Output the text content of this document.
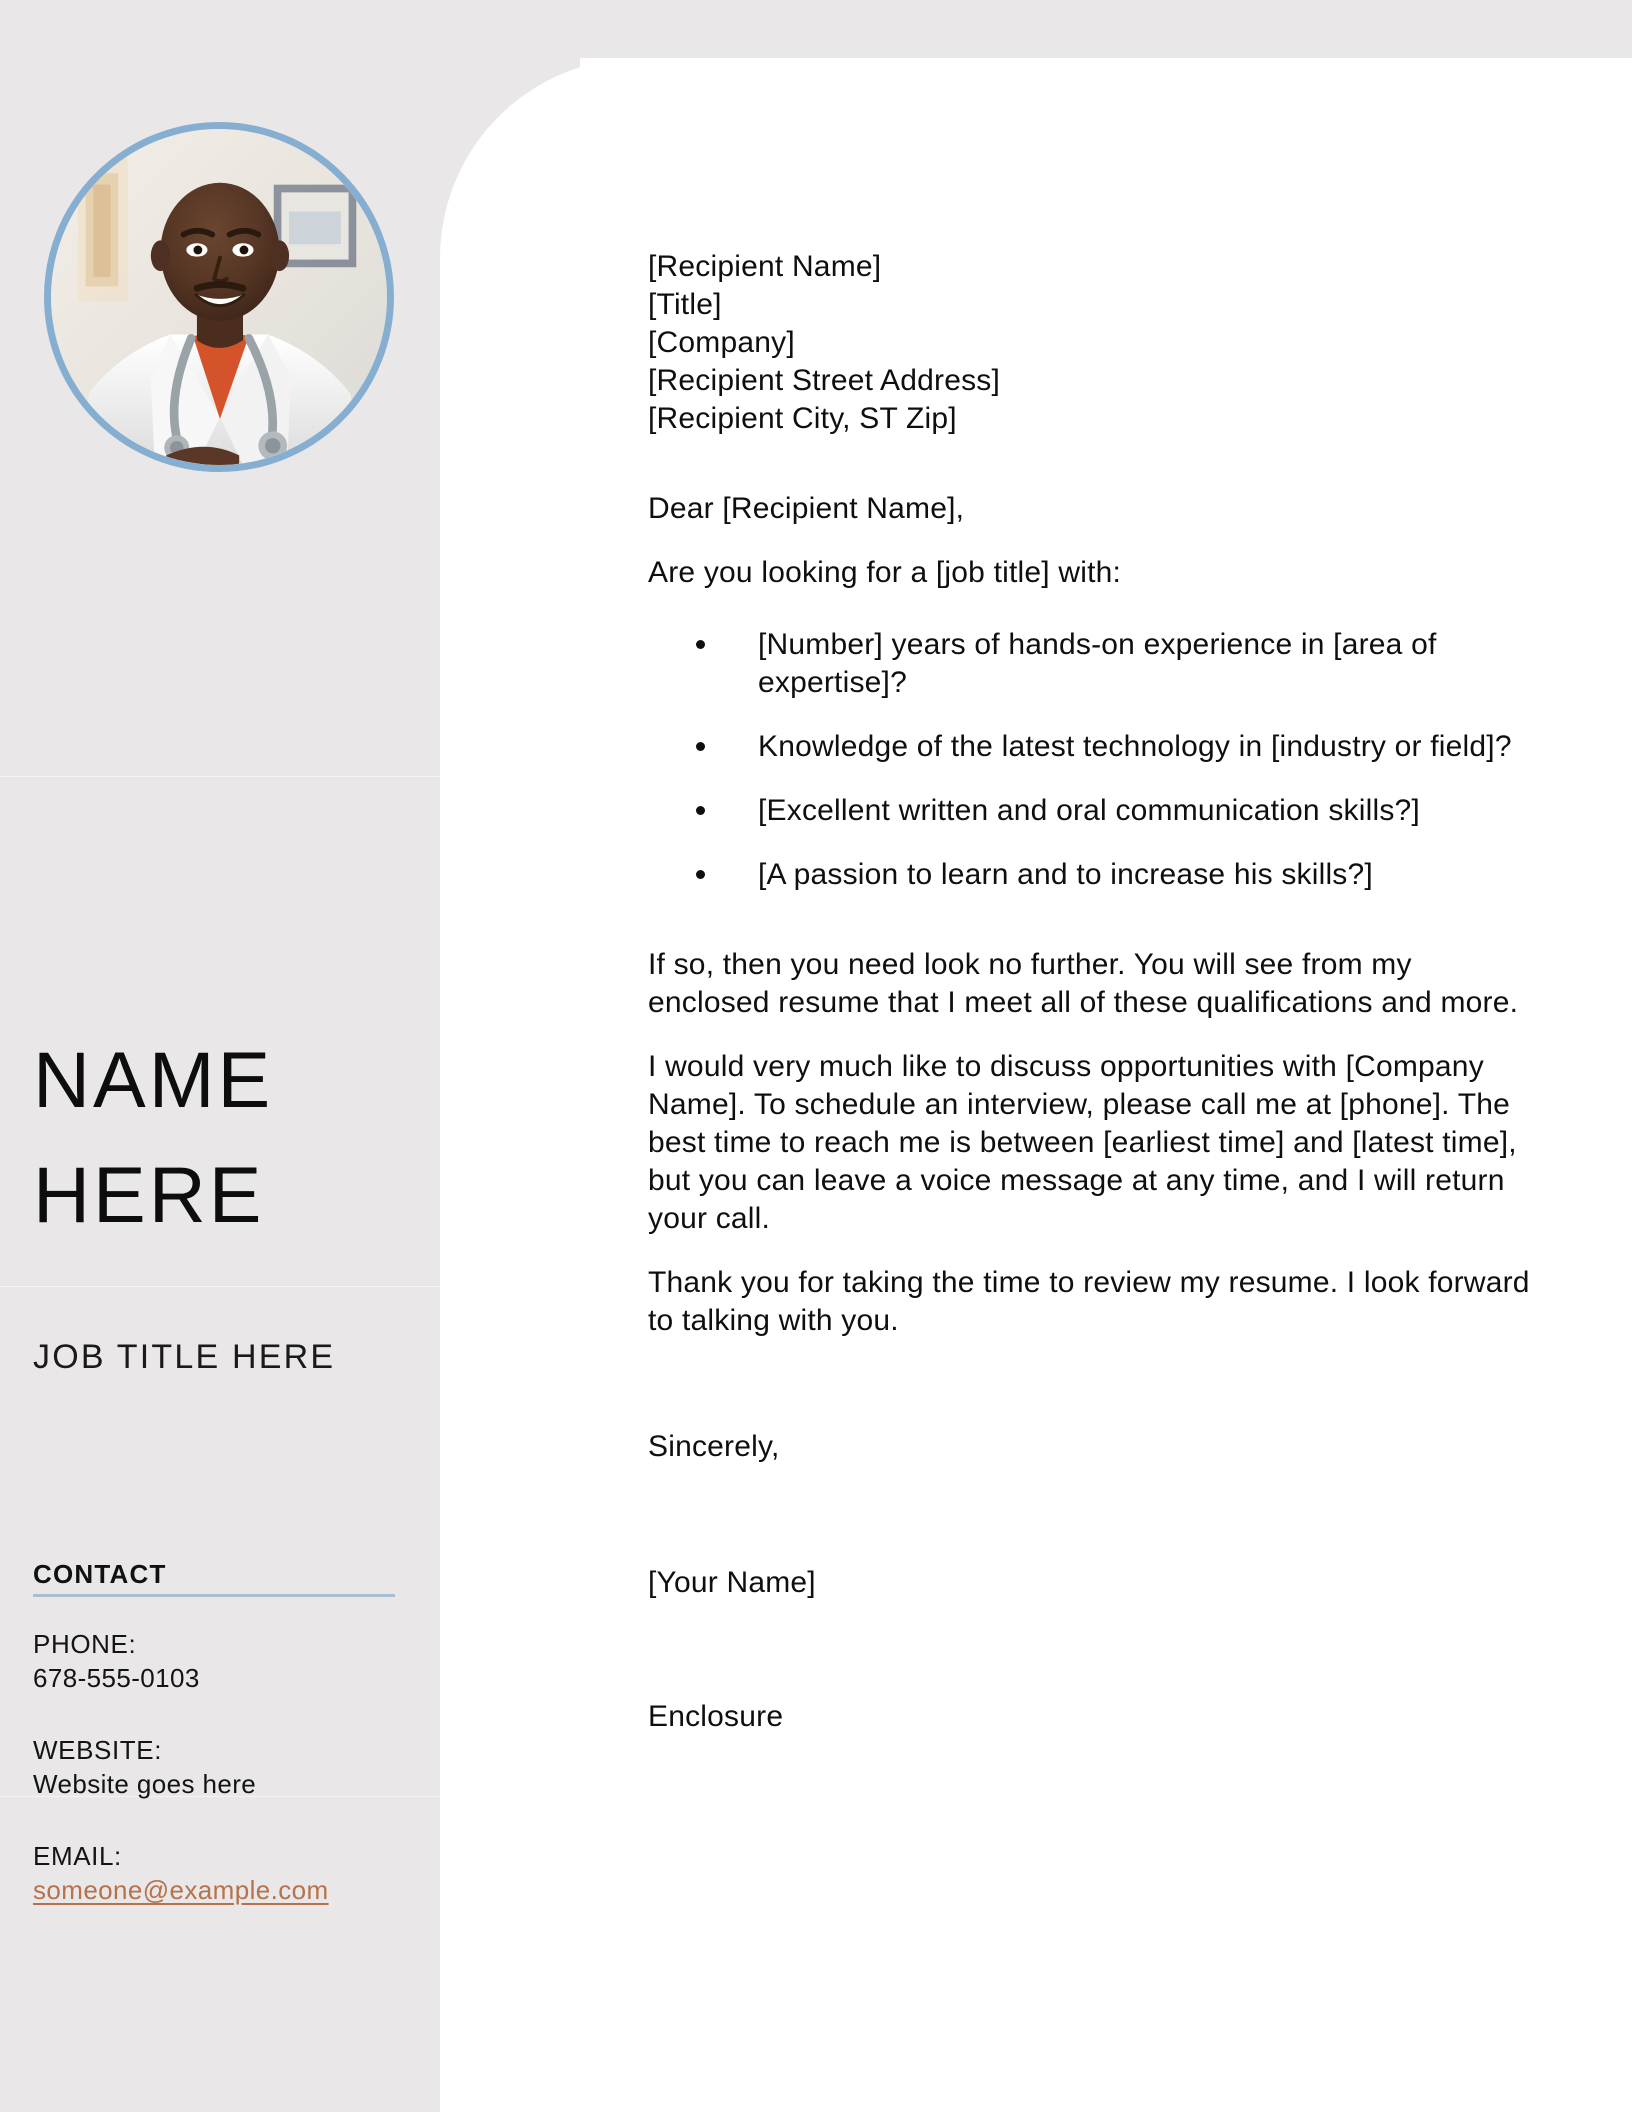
NAME
HERE
JOB TITLE HERE
CONTACT
PHONE:
678-555-0103
WEBSITE:
Website goes here
EMAIL:
someone@example.com
[Recipient Name]
[Title]
[Company]
[Recipient Street Address]
[Recipient City, ST Zip]

Dear [Recipient Name],

Are you looking for a [job title] with:

[Number] years of hands-on experience in [area of expertise]?
Knowledge of the latest technology in [industry or field]?
[Excellent written and oral communication skills?]
[A passion to learn and to increase his skills?]

If so, then you need look no further. You will see from my enclosed resume that I meet all of these qualifications and more.

I would very much like to discuss opportunities with [Company Name]. To schedule an interview, please call me at [phone]. The best time to reach me is between [earliest time] and [latest time], but you can leave a voice message at any time, and I will return your call.

Thank you for taking the time to review my resume. I look forward to talking with you.

Sincerely,

[Your Name]

Enclosure
